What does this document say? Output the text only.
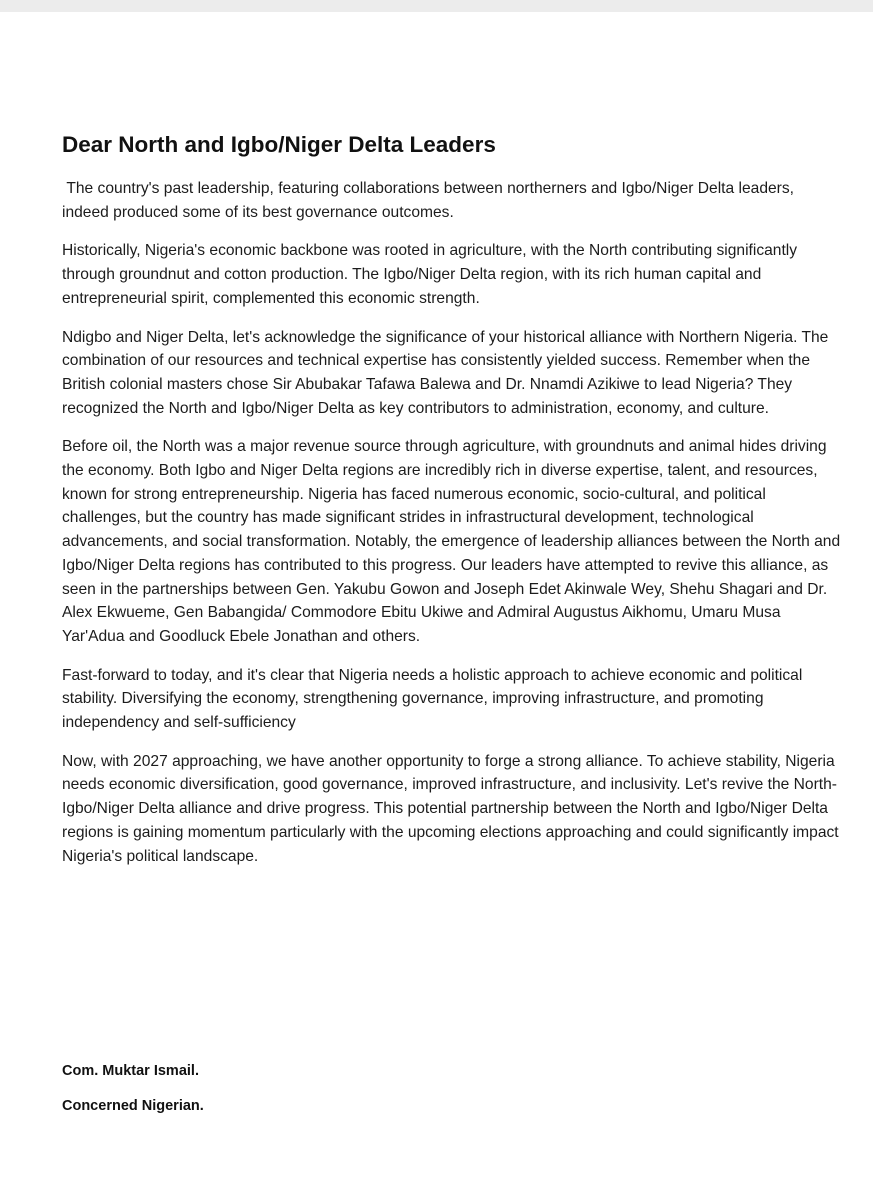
Dear North and Igbo/Niger Delta Leaders

The country's past leadership, featuring collaborations between northerners and Igbo/Niger Delta leaders, indeed produced some of its best governance outcomes.

Historically, Nigeria's economic backbone was rooted in agriculture, with the North contributing significantly through groundnut and cotton production. The Igbo/Niger Delta region, with its rich human capital and entrepreneurial spirit, complemented this economic strength.

Ndigbo and Niger Delta, let's acknowledge the significance of your historical alliance with Northern Nigeria. The combination of our resources and technical expertise has consistently yielded success. Remember when the British colonial masters chose Sir Abubakar Tafawa Balewa and Dr. Nnamdi Azikiwe to lead Nigeria? They recognized the North and Igbo/Niger Delta as key contributors to administration, economy, and culture.

Before oil, the North was a major revenue source through agriculture, with groundnuts and animal hides driving the economy. Both Igbo and Niger Delta regions are incredibly rich in diverse expertise, talent, and resources, known for strong entrepreneurship. Nigeria has faced numerous economic, socio-cultural, and political challenges, but the country has made significant strides in infrastructural development, technological advancements, and social transformation. Notably, the emergence of leadership alliances between the North and Igbo/Niger Delta regions has contributed to this progress. Our leaders have attempted to revive this alliance, as seen in the partnerships between Gen. Yakubu Gowon and Joseph Edet Akinwale Wey, Shehu Shagari and Dr. Alex Ekwueme, Gen Babangida/ Commodore Ebitu Ukiwe and Admiral Augustus Aikhomu, Umaru Musa Yar'Adua and Goodluck Ebele Jonathan and others.

Fast-forward to today, and it's clear that Nigeria needs a holistic approach to achieve economic and political stability. Diversifying the economy, strengthening governance, improving infrastructure, and promoting independency and self-sufficiency

Now, with 2027 approaching, we have another opportunity to forge a strong alliance. To achieve stability, Nigeria needs economic diversification, good governance, improved infrastructure, and inclusivity. Let's revive the North-Igbo/Niger Delta alliance and drive progress. This potential partnership between the North and Igbo/Niger Delta regions is gaining momentum particularly with the upcoming elections approaching and could significantly impact Nigeria's political landscape.

Com. Muktar Ismail.
Concerned Nigerian.
